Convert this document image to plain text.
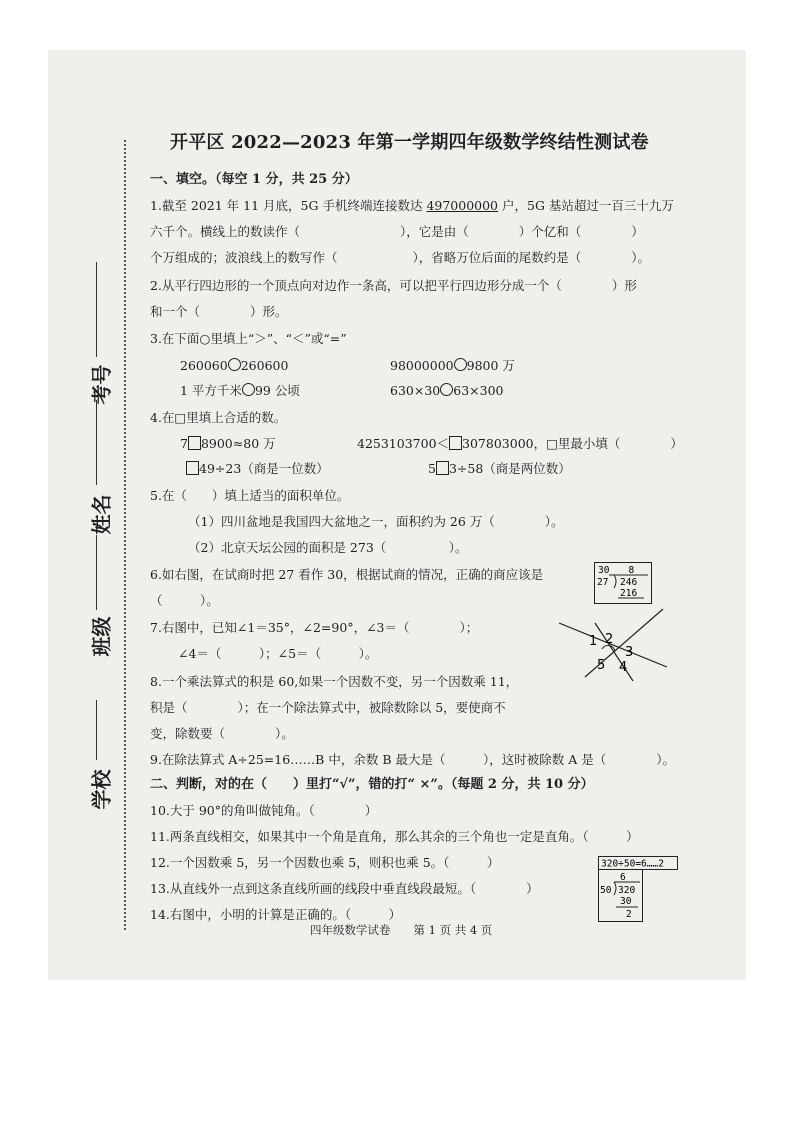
学校
班级
姓名
考号
开平区 2022—2023 年第一学期四年级数学终结性测试卷
一、填空。（每空 1 分，共 25 分）
1.截至 2021 年 11 月底，5G 手机终端连接数达 497000000 户，5G 基站超过一百三十九万
六千个。横线上的数读作（　　　　　　　　），它是由（　　　　）个亿和（　　　　）
个万组成的；波浪线上的数写作（　　　　　　），省略万位后面的尾数约是（　　　　）。
2.从平行四边形的一个顶点向对边作一条高，可以把平行四边形分成一个（　　　　）形
和一个（　　　　）形。
3.在下面○里填上“＞”、“＜”或“=”
260060 260600	98000000 9800 万
1 平方千米 99 公顷	630×30 63×300
4.在□里填上合适的数。
7 8900≈80 万	4253103700＜ 307803000，□里最小填（　　　　）
49÷23（商是一位数）	5 3÷58（商是两位数）
5.在（　　）填上适当的面积单位。
（1）四川盆地是我国四大盆地之一，面积约为 26 万（　　　　）。
（2）北京天坛公园的面积是 273（　　　　　）。
6.如右图，在试商时把 27 看作 30，根据试商的情况，正确的商应该是
（　　　）。
30　　8
27 246
216
7.右图中，已知∠1＝35°，∠2=90°，∠3＝（　　　　）；
∠4＝（　　　）；∠5＝（　　　）。
1 2
3
4
5
8.一个乘法算式的积是 60,如果一个因数不变，另一个因数乘 11，
积是（　　　　）；在一个除法算式中，被除数除以 5，要使商不
变，除数要（　　　　）。
9.在除法算式 A÷25=16……B 中，余数 B 最大是（　　　），这时被除数 A 是（　　　　）。
二、判断，对的在（　　）里打“√”，错的打“ ×”。（每题 2 分，共 10 分）
10.大于 90°的角叫做钝角。（　　　　）
11.两条直线相交，如果其中一个角是直角，那么其余的三个角也一定是直角。（　　　）
12.一个因数乘 5，另一个因数也乘 5，则积也乘 5。（　　　）
13.从直线外一点到这条直线所画的线段中垂直线段最短。（　　　　）
14.右图中，小明的计算是正确的。（　　　）
320÷50=6……2
6
50 320
30
2
四年级数学试卷　　第 1 页 共 4 页
